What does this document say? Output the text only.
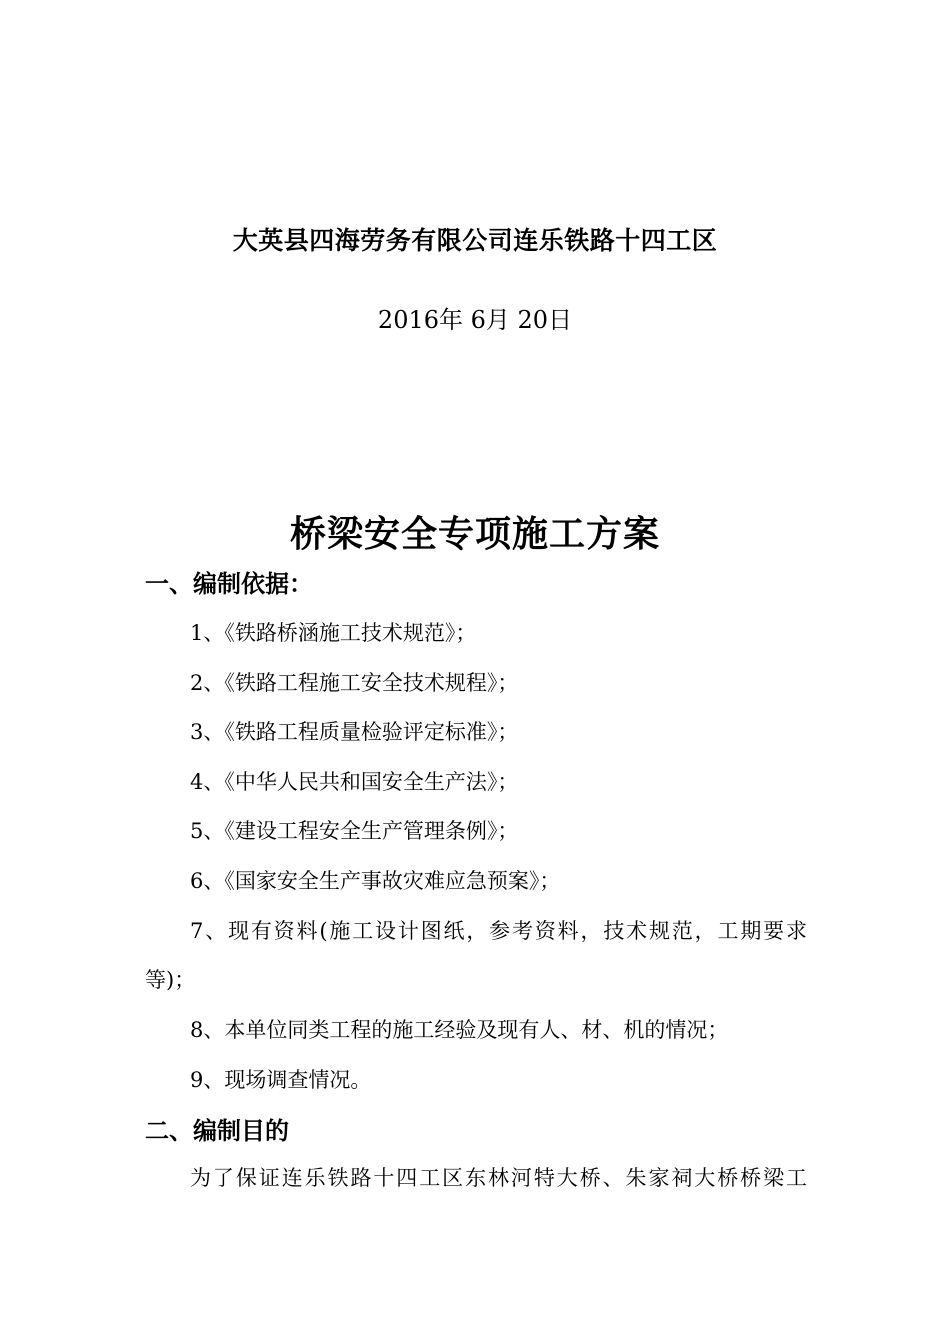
大英县四海劳务有限公司连乐铁路十四工区
2016年 6月 20日
桥梁安全专项施工方案
一、编制依据：
1、《铁路桥涵施工技术规范》；
2、《铁路工程施工安全技术规程》；
3、《铁路工程质量检验评定标准》；
4、《中华人民共和国安全生产法》；
5、《建设工程安全生产管理条例》；
6、《国家安全生产事故灾难应急预案》；
7、现有资料(施工设计图纸，参考资料，技术规范，工期要求
等)；
8、本单位同类工程的施工经验及现有人、材、机的情况；
9、现场调查情况。
二、编制目的
为了保证连乐铁路十四工区东林河特大桥、朱家祠大桥桥梁工
